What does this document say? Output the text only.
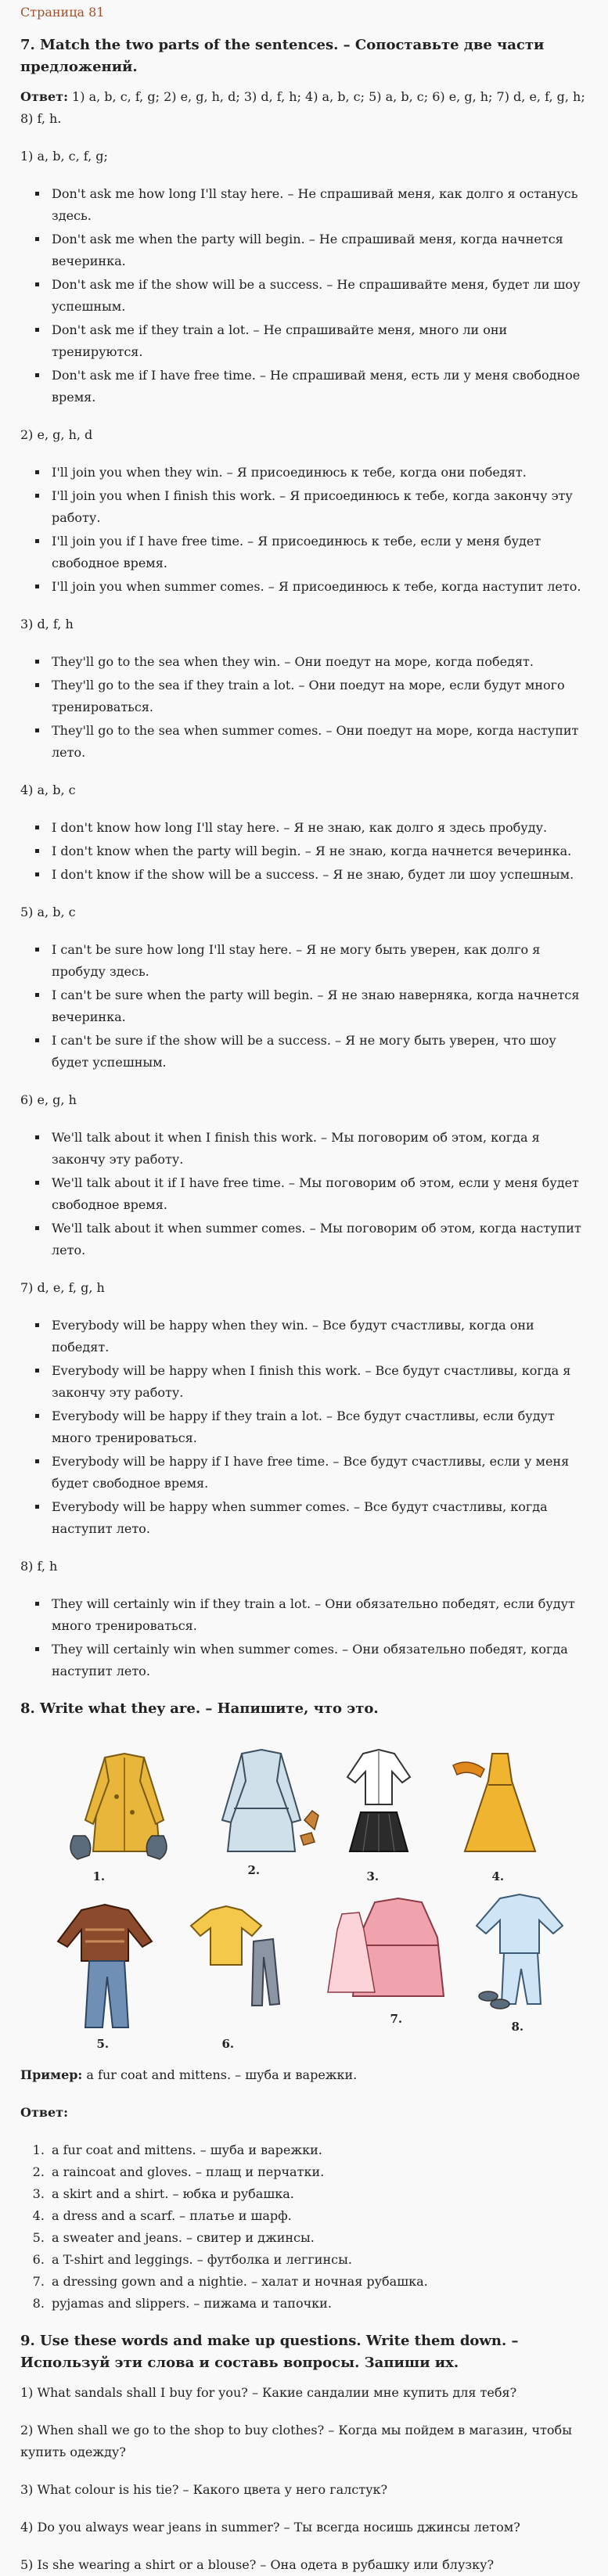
Страница 81
7. Match the two parts of the sentences. – Сопоставьте две части предложений.

Ответ: 1) a, b, c, f, g; 2) e, g, h, d; 3) d, f, h; 4) a, b, c; 5) a, b, c; 6) e, g, h; 7) d, e, f, g, h; 8) f, h.

1) a, b, c, f, g;

▪ Don't ask me how long I'll stay here. – Не спрашивай меня, как долго я останусь здесь.
▪ Don't ask me when the party will begin. – Не спрашивай меня, когда начнется вечеринка.
▪ Don't ask me if the show will be a success. – Не спрашивайте меня, будет ли шоу успешным.
▪ Don't ask me if they train a lot. – Не спрашивайте меня, много ли они тренируются.
▪ Don't ask me if I have free time. – Не спрашивай меня, есть ли у меня свободное время.

2) e, g, h, d

▪ I'll join you when they win. – Я присоединюсь к тебе, когда они победят.
▪ I'll join you when I finish this work. – Я присоединюсь к тебе, когда закончу эту работу.
▪ I'll join you if I have free time. – Я присоединюсь к тебе, если у меня будет свободное время.
▪ I'll join you when summer comes. – Я присоединюсь к тебе, когда наступит лето.

3) d, f, h

▪ They'll go to the sea when they win. – Они поедут на море, когда победят.
▪ They'll go to the sea if they train a lot. – Они поедут на море, если будут много тренироваться.
▪ They'll go to the sea when summer comes. – Они поедут на море, когда наступит лето.

4) a, b, c

▪ I don't know how long I'll stay here. – Я не знаю, как долго я здесь пробуду.
▪ I don't know when the party will begin. – Я не знаю, когда начнется вечеринка.
▪ I don't know if the show will be a success. – Я не знаю, будет ли шоу успешным.

5) a, b, c

▪ I can't be sure how long I'll stay here. – Я не могу быть уверен, как долго я пробуду здесь.
▪ I can't be sure when the party will begin. – Я не знаю наверняка, когда начнется вечеринка.
▪ I can't be sure if the show will be a success. – Я не могу быть уверен, что шоу будет успешным.

6) e, g, h

▪ We'll talk about it when I finish this work. – Мы поговорим об этом, когда я закончу эту работу.
▪ We'll talk about it if I have free time. – Мы поговорим об этом, если у меня будет свободное время.
▪ We'll talk about it when summer comes. – Мы поговорим об этом, когда наступит лето.

7) d, e, f, g, h

▪ Everybody will be happy when they win. – Все будут счастливы, когда они победят.
▪ Everybody will be happy when I finish this work. – Все будут счастливы, когда я закончу эту работу.
▪ Everybody will be happy if they train a lot. – Все будут счастливы, если будут много тренироваться.
▪ Everybody will be happy if I have free time. – Все будут счастливы, если у меня будет свободное время.
▪ Everybody will be happy when summer comes. – Все будут счастливы, когда наступит лето.

8) f, h

▪ They will certainly win if they train a lot. – Они обязательно победят, если будут много тренироваться.
▪ They will certainly win when summer comes. – Они обязательно победят, когда наступит лето.
8. Write what they are. – Напишите, что это.
1.	2.	3.	4.
5.	6.
7.
8.

Пример: a fur coat and mittens. – шуба и варежки.

Ответ:

1. a fur coat and mittens. – шуба и варежки.
2. a raincoat and gloves. – плащ и перчатки.
3. a skirt and a shirt. – юбка и рубашка.
4. a dress and a scarf. – платье и шарф.
5. a sweater and jeans. – свитер и джинсы.
6. a T-shirt and leggings. – футболка и леггинсы.
7. a dressing gown and a nightie. – халат и ночная рубашка.
8. pyjamas and slippers. – пижама и тапочки.
9. Use these words and make up questions. Write them down. – Используй эти слова и составь вопросы. Запиши их.

1) What sandals shall I buy for you? – Какие сандалии мне купить для тебя?

2) When shall we go to the shop to buy clothes? – Когда мы пойдем в магазин, чтобы купить одежду?

3) What colour is his tie? – Какого цвета у него галстук?

4) Do you always wear jeans in summer? – Ты всегда носишь джинсы летом?

5) Is she wearing a shirt or a blouse? – Она одета в рубашку или блузку?
